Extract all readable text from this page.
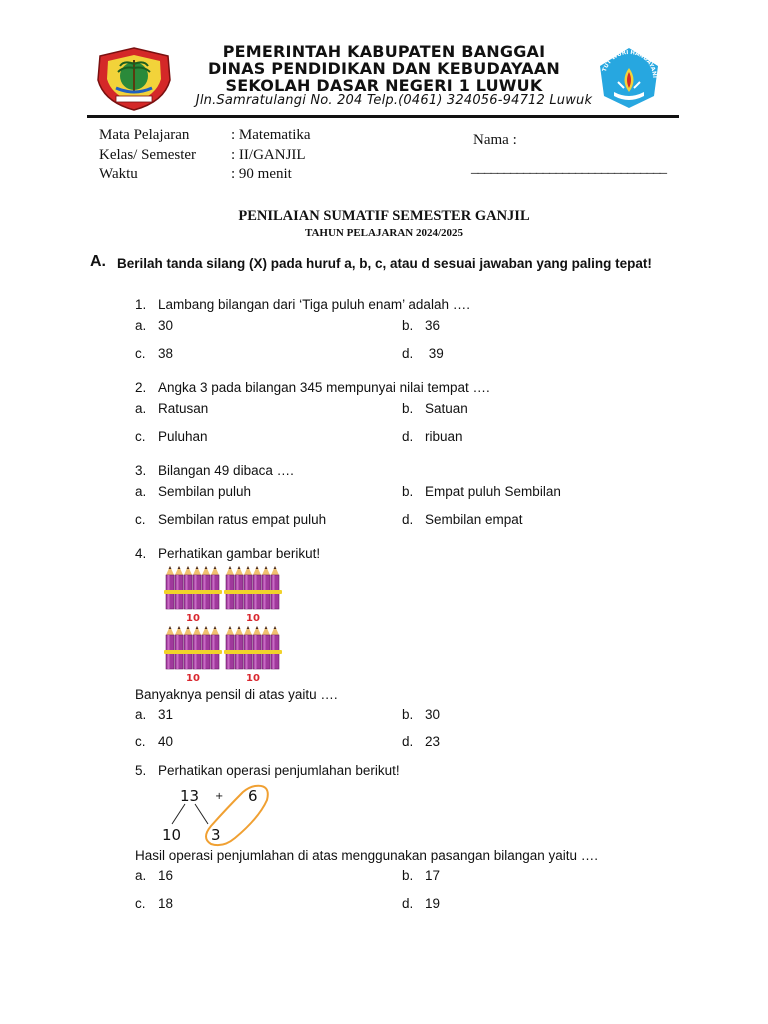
PEMERINTAH KABUPATEN BANGGAI
DINAS PENDIDIKAN DAN KEBUDAYAAN
SEKOLAH DASAR NEGERI 1 LUWUK
Jln.Samratulangi No. 204 Telp.(0461) 324056-94712 Luwuk
TUT WURI HANDAYANI
Mata Pelajaran	: Matematika
Kelas/ Semester : II/GANJIL
Waktu	: 90 menit
Nama :
______________________________
PENILAIAN SUMATIF SEMESTER GANJIL
TAHUN PELAJARAN 2024/2025
A. Berilah tanda silang (X) pada huruf a, b, c, atau d sesuai jawaban yang paling tepat!
1. Lambang bilangan dari ‘Tiga puluh enam’ adalah ….
a. 30	b. 36
c. 38	d. 39
2. Angka 3 pada bilangan 345 mempunyai nilai tempat ….
a. Ratusan	b. Satuan
c. Puluhan	d. ribuan
3. Bilangan 49 dibaca ….
a. Sembilan puluh	b. Empat puluh Sembilan
c. Sembilan ratus empat puluh	d. Sembilan empat
4. Perhatikan gambar berikut!
10	10
10	10
Banyaknya pensil di atas yaitu ….
a. 31	b. 30
c. 40	d. 23
5. Perhatikan operasi penjumlahan berikut!
13 + 6
10 3
Hasil operasi penjumlahan di atas menggunakan pasangan bilangan yaitu ….
a. 16	b. 17
c. 18	d. 19
